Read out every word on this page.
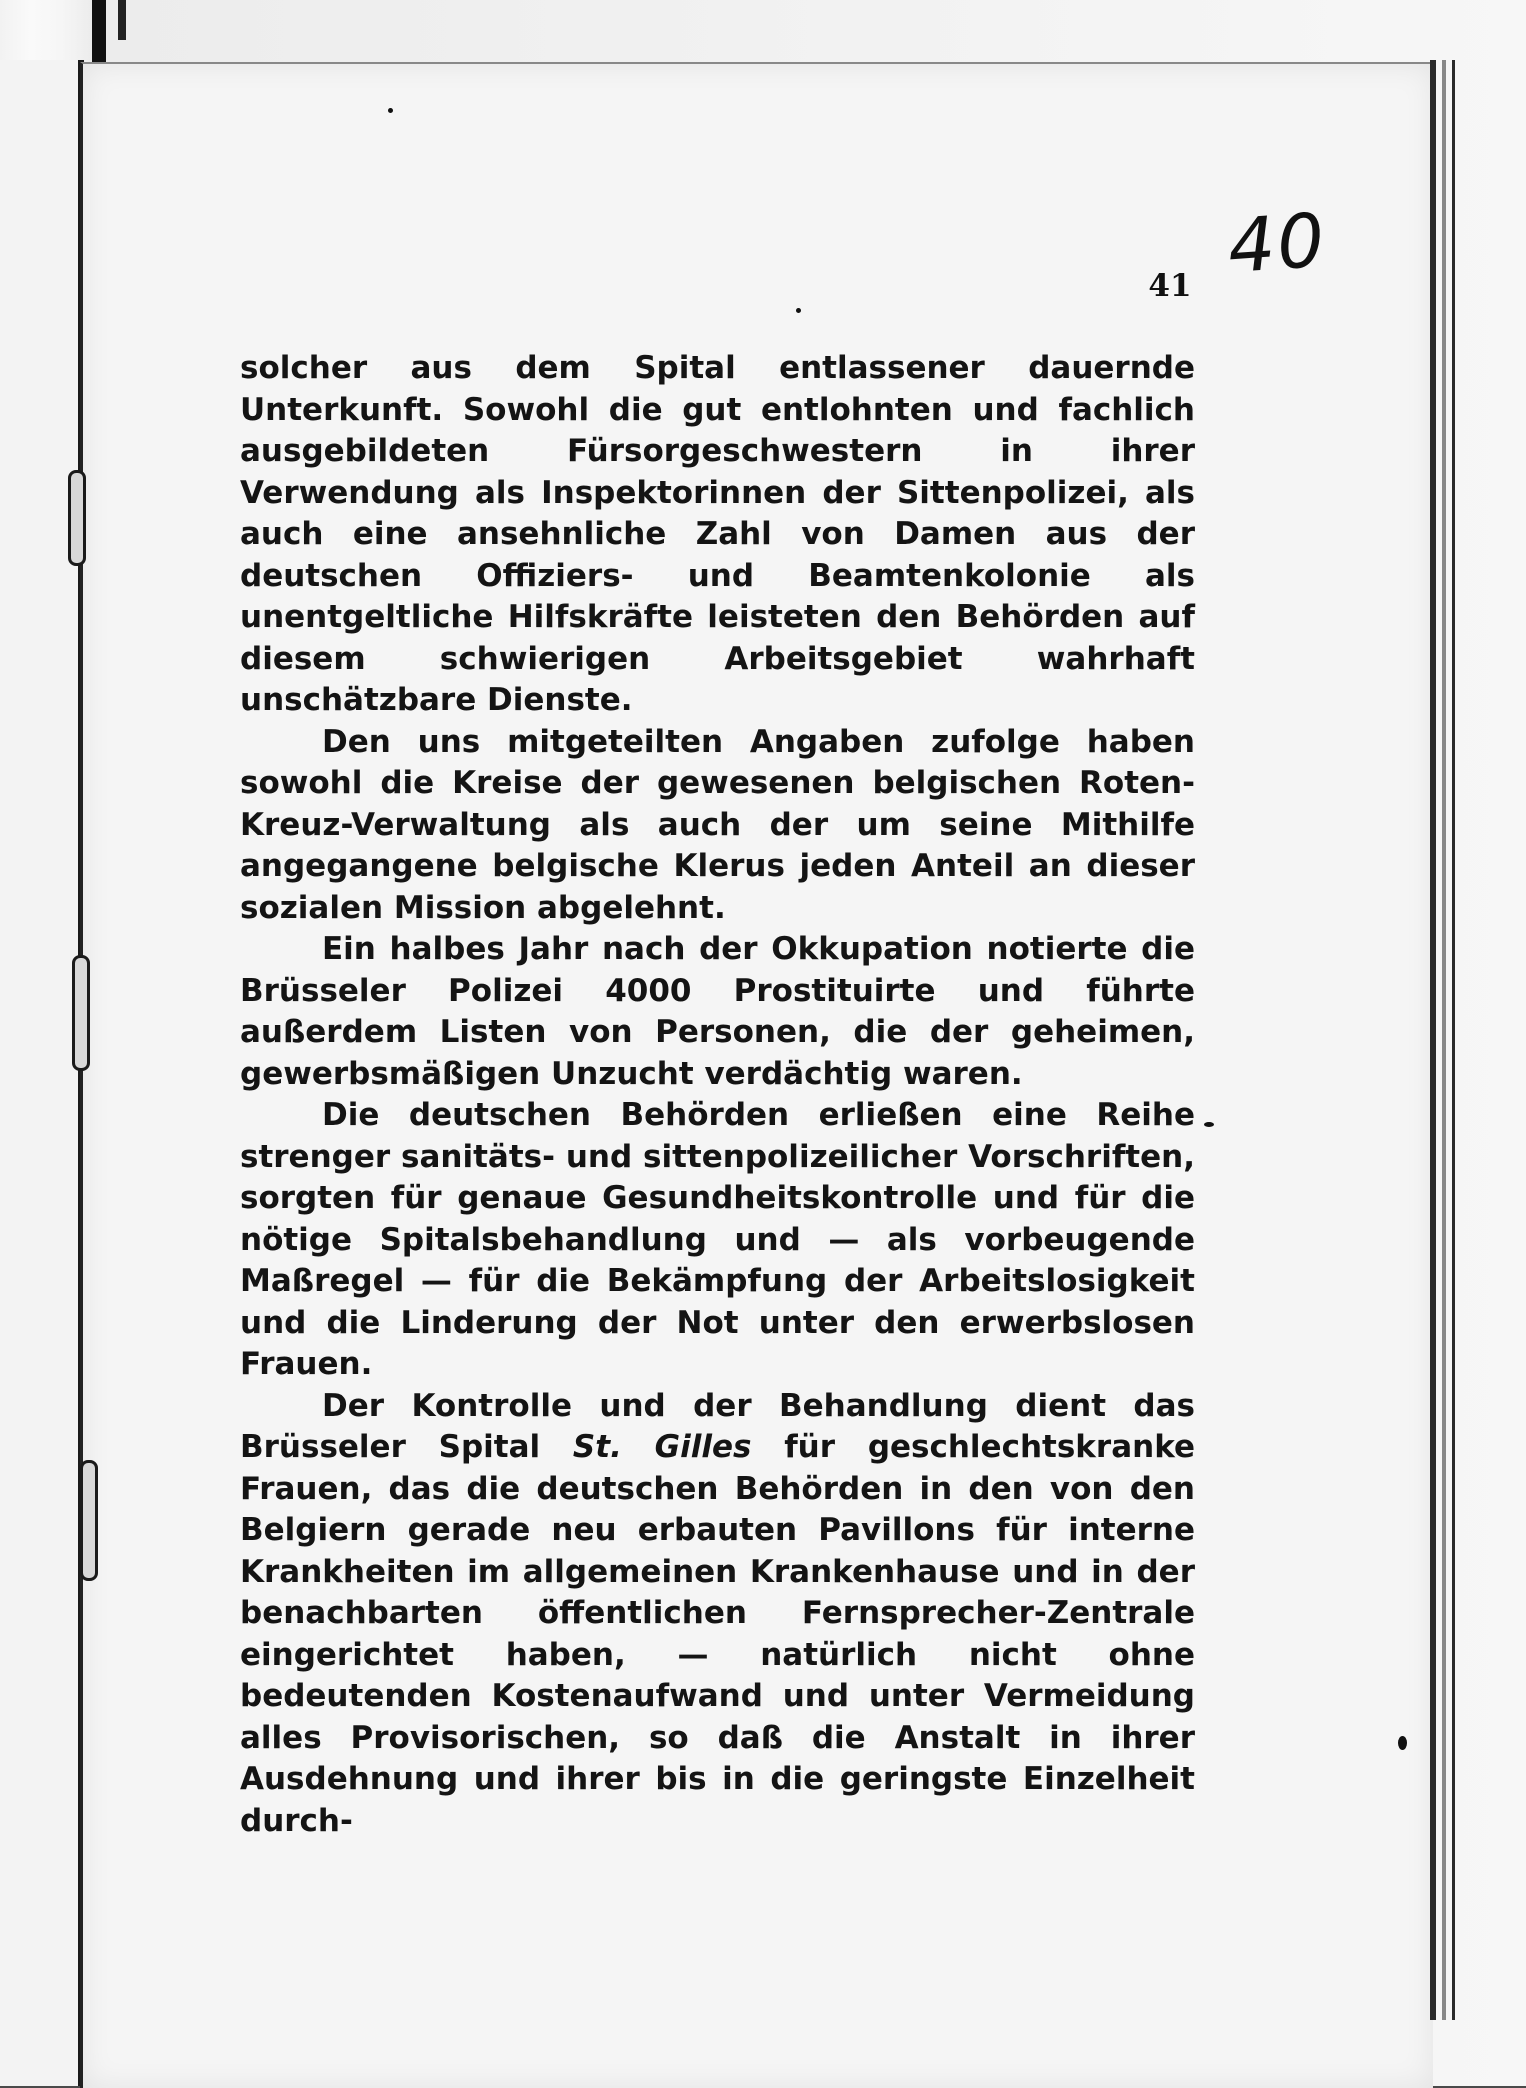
40
41

solcher aus dem Spital entlassener dauernde Unterkunft. Sowohl die gut entlohnten und fachlich ausgebildeten Fürsorgeschwestern in ihrer Verwendung als Inspektorinnen der Sittenpolizei, als auch eine ansehnliche Zahl von Damen aus der deutschen Offiziers- und Beamtenkolonie als unentgeltliche Hilfskräfte leisteten den Behörden auf diesem schwierigen Arbeitsgebiet wahrhaft unschätzbare Dienste.

Den uns mitgeteilten Angaben zufolge haben sowohl die Kreise der gewesenen belgischen Roten-Kreuz-Verwaltung als auch der um seine Mithilfe angegangene belgische Klerus jeden Anteil an dieser sozialen Mission abgelehnt.

Ein halbes Jahr nach der Okkupation notierte die Brüsseler Polizei 4000 Prostituirte und führte außerdem Listen von Personen, die der geheimen, gewerbsmäßigen Unzucht verdächtig waren.

Die deutschen Behörden erließen eine Reihe strenger sanitäts- und sittenpolizeilicher Vorschriften, sorgten für genaue Gesundheitskontrolle und für die nötige Spitalsbehandlung und — als vorbeugende Maßregel — für die Bekämpfung der Arbeitslosigkeit und die Linderung der Not unter den erwerbslosen Frauen.

Der Kontrolle und der Behandlung dient das Brüsseler Spital St. Gilles für geschlechtskranke Frauen, das die deutschen Behörden in den von den Belgiern gerade neu erbauten Pavillons für interne Krankheiten im allgemeinen Krankenhause und in der benachbarten öffentlichen Fernsprecher-Zentrale eingerichtet haben, — natürlich nicht ohne bedeutenden Kostenaufwand und unter Vermeidung alles Provisorischen, so daß die Anstalt in ihrer Ausdehnung und ihrer bis in die geringste Einzelheit durch-
